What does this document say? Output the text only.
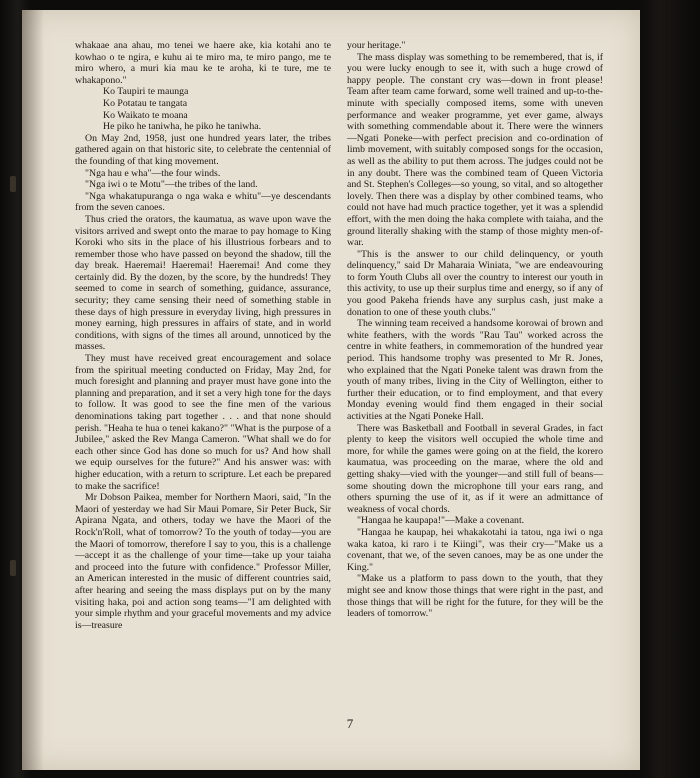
whakaae ana ahau, mo tenei we haere ake, kia kotahi ano te kowhao o te ngira, e kuhu ai te miro ma, te miro pango, me te miro whero, a muri kia mau ke te aroha, ki te ture, me te whakapono."

Ko Taupiri te maunga

Ko Potatau te tangata

Ko Waikato te moana

He piko he taniwha, he piko he taniwha.

On May 2nd, 1958, just one hundred years later, the tribes gathered again on that historic site, to celebrate the centennial of the founding of that king movement.

"Nga hau e wha"—the four winds.

"Nga iwi o te Motu"—the tribes of the land.

"Nga whakatupuranga o nga waka e whitu"—ye descendants from the seven canoes.

Thus cried the orators, the kaumatua, as wave upon wave the visitors arrived and swept onto the marae to pay homage to King Koroki who sits in the place of his illustrious forbears and to remember those who have passed on beyond the shadow, till the day break. Haeremai! Haeremai! Haeremai! And come they certainly did. By the dozen, by the score, by the hundreds! They seemed to come in search of something, guidance, assurance, security; they came sensing their need of something stable in these days of high pressure in everyday living, high pressures in money earning, high pressures in affairs of state, and in world conditions, with signs of the times all around, unnoticed by the masses.

They must have received great encouragement and solace from the spiritual meeting conducted on Friday, May 2nd, for much foresight and planning and prayer must have gone into the planning and preparation, and it set a very high tone for the days to follow. It was good to see the fine men of the various denominations taking part together . . . and that none should perish. "Heaha te hua o tenei kakano?" "What is the purpose of a Jubilee," asked the Rev Manga Cameron. "What shall we do for each other since God has done so much for us? And how shall we equip ourselves for the future?" And his answer was: with higher education, with a return to scripture. Let each be prepared to make the sacrifice!

Mr Dobson Paikea, member for Northern Maori, said, "In the Maori of yesterday we had Sir Maui Pomare, Sir Peter Buck, Sir Apirana Ngata, and others, today we have the Maori of the Rock'n'Roll, what of tomorrow? To the youth of today—you are the Maori of tomorrow, therefore I say to you, this is a challenge—accept it as the challenge of your time—take up your taiaha and proceed into the future with confidence." Professor Miller, an American interested in the music of different countries said, after hearing and seeing the mass displays put on by the many visiting haka, poi and action song teams—"I am delighted with your simple rhythm and your graceful movements and my advice is—treasure

your heritage."

The mass display was something to be remembered, that is, if you were lucky enough to see it, with such a huge crowd of happy people. The constant cry was—down in front please! Team after team came forward, some well trained and up-to-the-minute with specially composed items, some with uneven performance and weaker programme, yet ever game, always with something commendable about it. There were the winners—Ngati Poneke—with perfect precision and co-ordination of limb movement, with suitably composed songs for the occasion, as well as the ability to put them across. The judges could not be in any doubt. There was the combined team of Queen Victoria and St. Stephen's Colleges—so young, so vital, and so altogether lovely. Then there was a display by other combined teams, who could not have had much practice together, yet it was a splendid effort, with the men doing the haka complete with taiaha, and the ground literally shaking with the stamp of those mighty men-of-war.

"This is the answer to our child delinquency, or youth delinquency," said Dr Maharaia Winiata, "we are endeavouring to form Youth Clubs all over the country to interest our youth in this activity, to use up their surplus time and energy, so if any of you good Pakeha friends have any surplus cash, just make a donation to one of these youth clubs."

The winning team received a handsome korowai of brown and white feathers, with the words "Rau Tau" worked across the centre in white feathers, in commemoration of the hundred year period. This handsome trophy was presented to Mr R. Jones, who explained that the Ngati Poneke talent was drawn from the youth of many tribes, living in the City of Wellington, either to further their education, or to find employment, and that every Monday evening would find them engaged in their social activities at the Ngati Poneke Hall.

There was Basketball and Football in several Grades, in fact plenty to keep the visitors well occupied the whole time and more, for while the games were going on at the field, the korero kaumatua, was proceeding on the marae, where the old and getting shaky—vied with the younger—and still full of beans—some shouting down the microphone till your ears rang, and others spurning the use of it, as if it were an admittance of weakness of vocal chords.

"Hangaa he kaupapa!"—Make a covenant.

"Hangaa he kaupap, hei whakakotahi ia tatou, nga iwi o nga waka katoa, ki raro i te Kiingi", was their cry—"Make us a covenant, that we, of the seven canoes, may be as one under the King."

"Make us a platform to pass down to the youth, that they might see and know those things that were right in the past, and those things that will be right for the future, for they will be the leaders of tomorrow."

7
